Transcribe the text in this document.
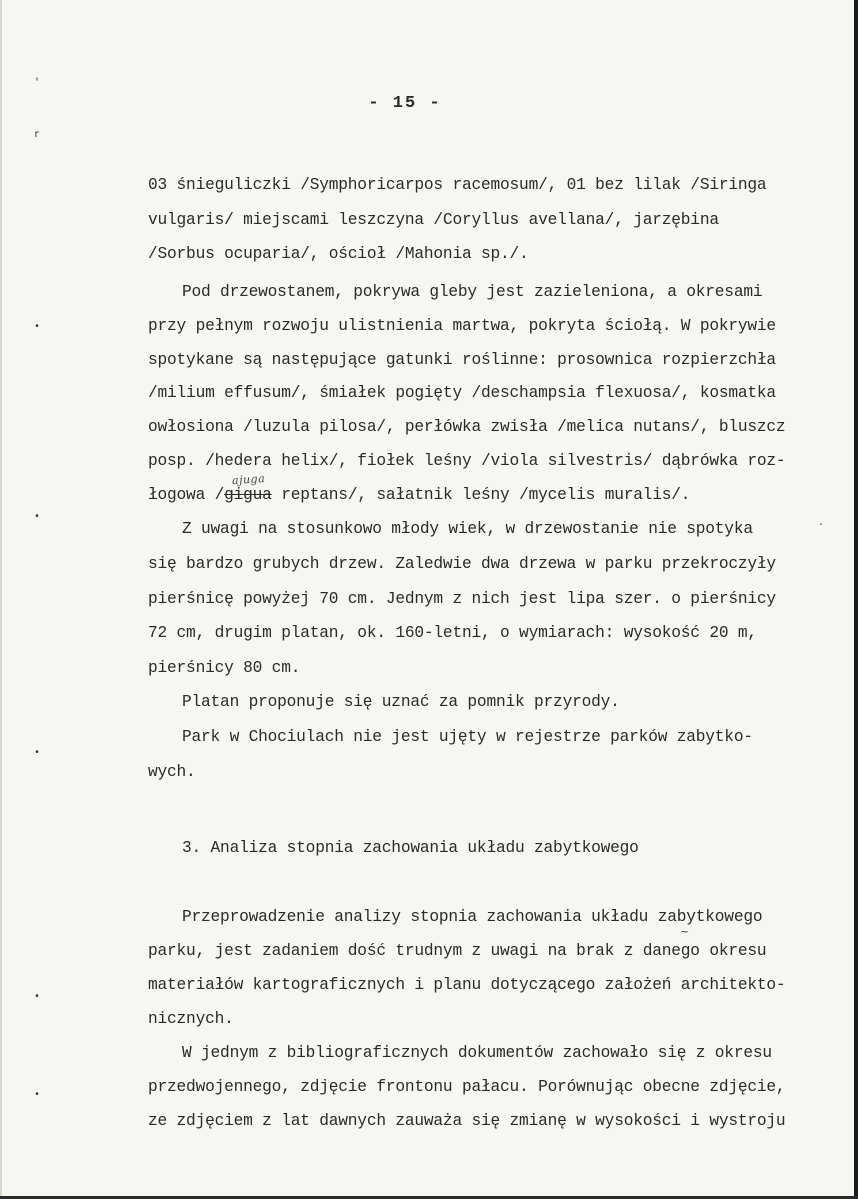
'
r
•
•
•
•
•
·
- 15 -
03 śnieguliczki /Symphoricarpos racemosum/, 01 bez lilak /Siringa
vulgaris/ miejscami leszczyna /Coryllus avellana/, jarzębina
/Sorbus ocuparia/, ościoł /Mahonia sp./.
Pod drzewostanem, pokrywa gleby jest zazieleniona, a okresami
przy pełnym rozwoju ulistnienia martwa, pokryta ściołą. W pokrywie
spotykane są następujące gatunki roślinne: prosownica rozpierzchła
/milium effusum/, śmiałek pogięty /deschampsia flexuosa/, kosmatka
owłosiona /luzula pilosa/, perłówka zwisła /melica nutans/, bluszcz
posp. /hedera helix/, fiołek leśny /viola silvestris/ dąbrówka roz-
łogowa /gigua reptans/, sałatnik leśny /mycelis muralis/.
ajuga
Z uwagi na stosunkowo młody wiek, w drzewostanie nie spotyka
się bardzo grubych drzew. Zaledwie dwa drzewa w parku przekroczyły
pierśnicę powyżej 70 cm. Jednym z nich jest lipa szer. o pierśnicy
72 cm, drugim platan, ok. 160-letni, o wymiarach: wysokość 20 m,
pierśnicy 80 cm.
Platan proponuje się uznać za pomnik przyrody.
Park w Chociulach nie jest ujęty w rejestrze parków zabytko-
wych.
3. Analiza stopnia zachowania układu zabytkowego
Przeprowadzenie analizy stopnia zachowania układu zabytkowego
parku, jest zadaniem dość trudnym z uwagi na brak z danego okresu
~
materiałów kartograficznych i planu dotyczącego założeń architekto-
nicznych.
W jednym z bibliograficznych dokumentów zachowało się z okresu
przedwojennego, zdjęcie frontonu pałacu. Porównując obecne zdjęcie,
ze zdjęciem z lat dawnych zauważa się zmianę w wysokości i wystroju
